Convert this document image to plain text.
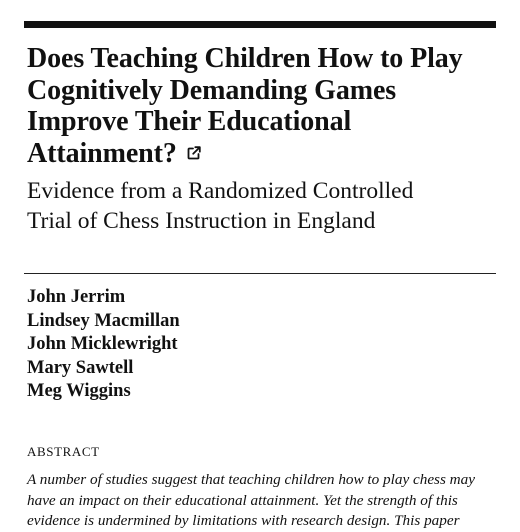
Does Teaching Children How to Play
Cognitively Demanding Games
Improve Their Educational
Attainment?
Evidence from a Randomized Controlled
Trial of Chess Instruction in England
John Jerrim
Lindsey Macmillan
John Micklewright
Mary Sawtell
Meg Wiggins
ABSTRACT

A number of studies suggest that teaching children how to play chess may
have an impact on their educational attainment. Yet the strength of this
evidence is undermined by limitations with research design. This paper
